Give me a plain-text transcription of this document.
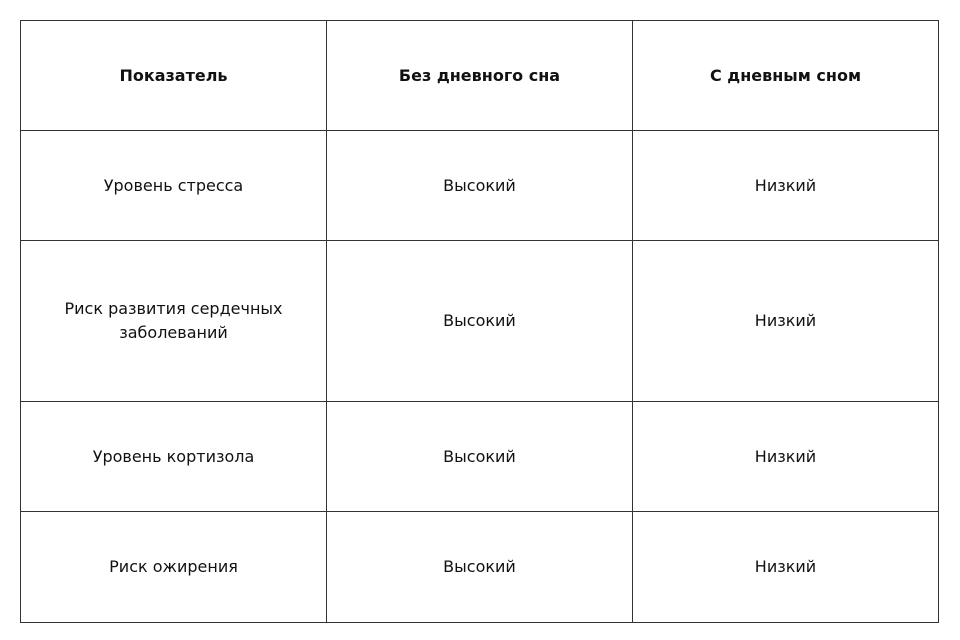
Показатель	Без дневного сна	С дневным сном
Уровень стресса	Высокий	Низкий
Риск развития сердечных заболеваний	Высокий	Низкий
Уровень кортизола	Высокий	Низкий
Риск ожирения	Высокий	Низкий
